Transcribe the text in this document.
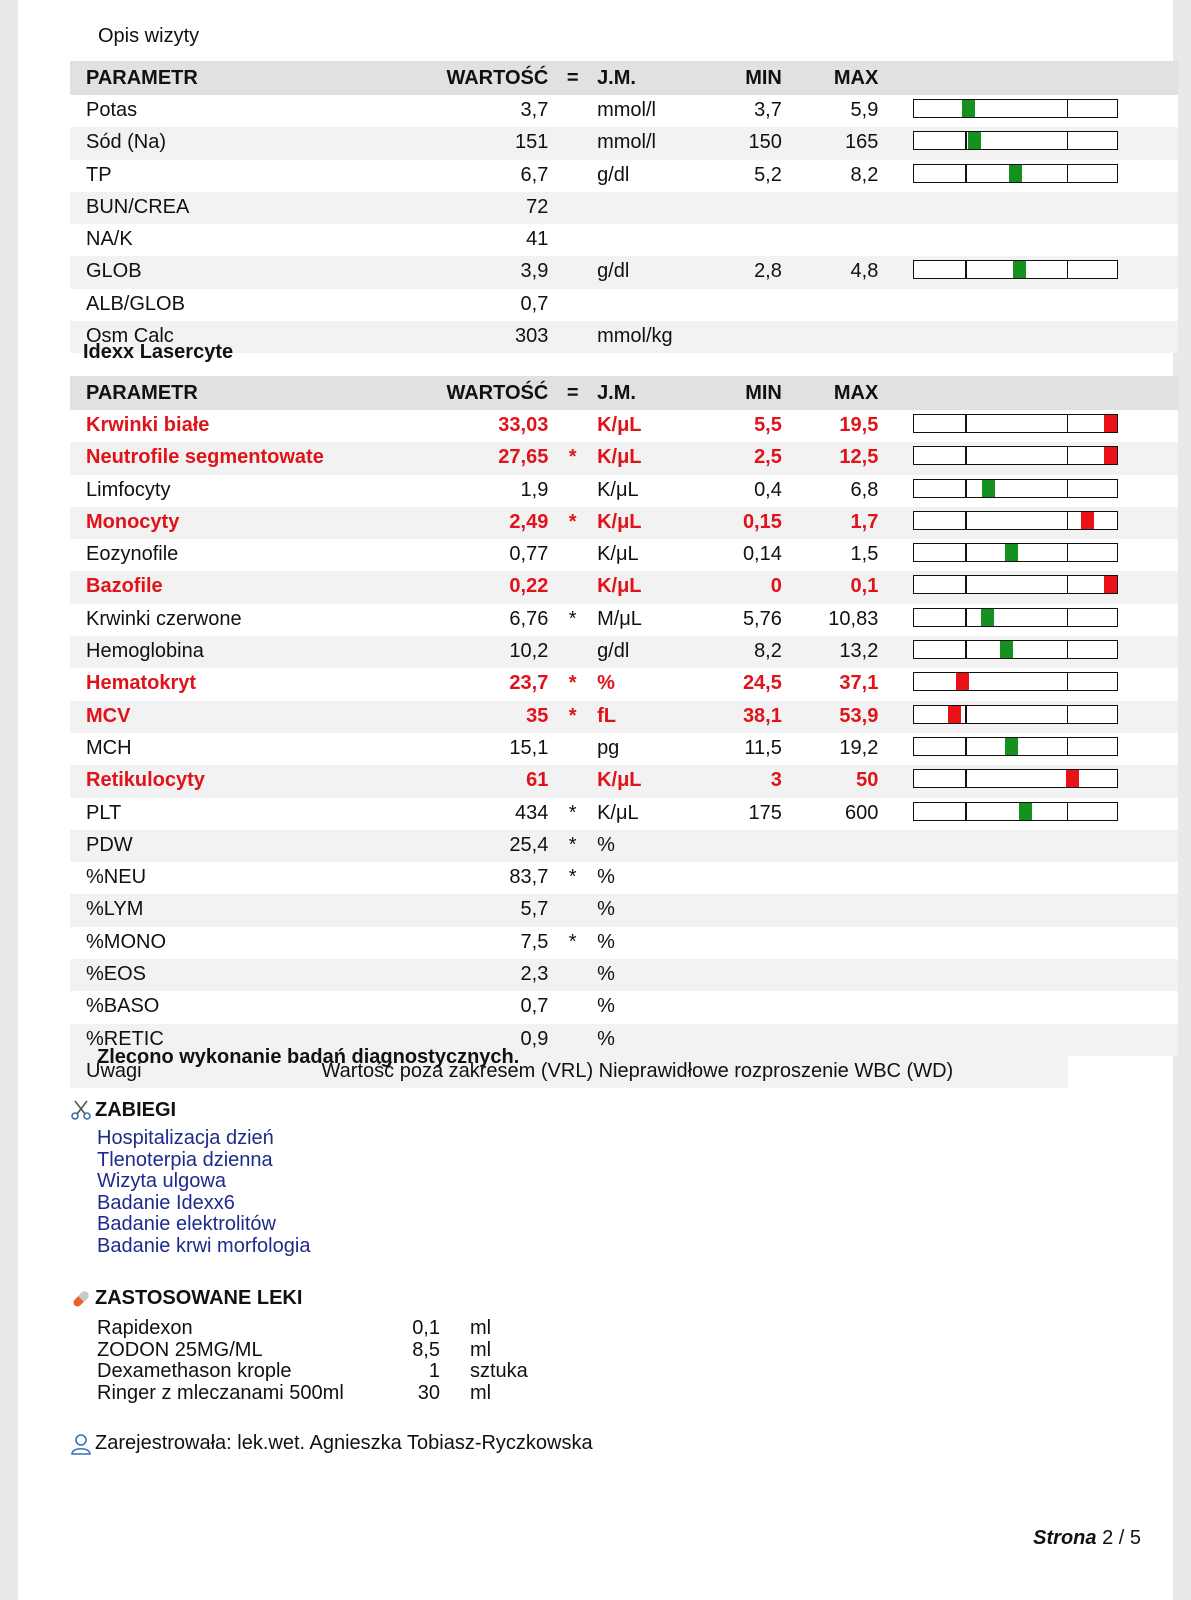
Opis wizyty
PARAMETR	WARTOŚĆ	=	J.M.	MIN	MAX	
Potas	3,7		mmol/l	3,7	5,9	

Sód (Na)	151		mmol/l	150	165	

TP	6,7		g/dl	5,2	8,2	

BUN/CREA	72					
NA/K	41					
GLOB	3,9		g/dl	2,8	4,8	

ALB/GLOB	0,7					
Osm Calc	303		mmol/kg			
Idexx Lasercyte
PARAMETR	WARTOŚĆ	=	J.M.	MIN	MAX	
Krwinki białe	33,03		K/μL	5,5	19,5	

Neutrofile segmentowate	27,65	*	K/μL	2,5	12,5	

Limfocyty	1,9		K/μL	0,4	6,8	

Monocyty	2,49	*	K/μL	0,15	1,7	

Eozynofile	0,77		K/μL	0,14	1,5	

Bazofile	0,22		K/μL	0	0,1	

Krwinki czerwone	6,76	*	M/μL	5,76	10,83	

Hemoglobina	10,2		g/dl	8,2	13,2	

Hematokryt	23,7	*	%	24,5	37,1	

MCV	35	*	fL	38,1	53,9	

MCH	15,1		pg	11,5	19,2	

Retikulocyty	61		K/μL	3	50	

PLT	434	*	K/μL	175	600	

PDW	25,4	*	%			
%NEU	83,7	*	%			
%LYM	5,7		%			
%MONO	7,5	*	%			
%EOS	2,3		%			
%BASO	0,7		%			
%RETIC	0,9		%			
Uwagi	Wartość poza zakresem (VRL) Nieprawidłowe rozproszenie WBC (WD)
Zlecono wykonanie badań diagnostycznych.
ZABIEGI
Hospitalizacja dzień
Tlenoterpia dzienna
Wizyta ulgowa
Badanie Idexx6
Badanie elektrolitów
Badanie krwi morfologia
ZASTOSOWANE LEKI
Rapidexon	0,1	ml
ZODON 25MG/ML	8,5	ml
Dexamethason krople	1	sztuka
Ringer z mleczanami 500ml	30	ml
Zarejestrowała: lek.wet. Agnieszka Tobiasz-Ryczkowska
Strona 2 / 5
